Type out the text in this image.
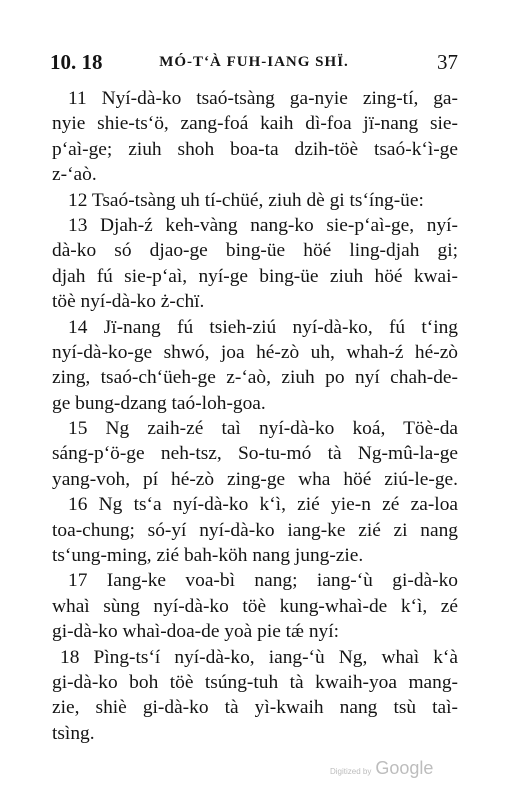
10. 18	MÓ-T‘À FUH-IANG SHÏ.	37
11 Nyí-dà-ko tsaó-tsàng ga-nyie zing-tí, ga-
nyie shie-ts‘ö, zang-foá kaih dì-foa jï-nang sie-
p‘aì-ge; ziuh shoh boa-ta dzih-töè tsaó-k‘ì-ge
z-‘aò.
12 Tsaó-tsàng uh tí-chüé, ziuh dè gi ts‘íng-üe:
13 Djah-ź keh-vàng nang-ko sie-p‘aì-ge, nyí-
dà-ko só djao-ge bing-üe höé ling-djah gi;
djah fú sie-p‘aì, nyí-ge bing-üe ziuh höé kwai-
töè nyí-dà-ko ż-chï.
14 Jï-nang fú tsieh-ziú nyí-dà-ko, fú t‘ing
nyí-dà-ko-ge shwó, joa hé-zò uh, whah-ź hé-zò
zing, tsaó-ch‘üeh-ge z-‘aò, ziuh po nyí chah-de-
ge bung-dzang taó-loh-goa.
15 Ng zaih-zé taì nyí-dà-ko koá, Töè-da
sáng-p‘ö-ge neh-tsz, So-tu-mó tà Ng-mû-la-ge
yang-voh, pí hé-zò zing-ge wha höé ziú-le-ge.
16 Ng ts‘a nyí-dà-ko k‘ì, zié yie-n zé za-loa
toa-chung; só-yí nyí-dà-ko iang-ke zié zi nang
ts‘ung-ming, zié bah-köh nang jung-zie.
17 Iang-ke voa-bì nang; iang-‘ù gi-dà-ko
whaì sùng nyí-dà-ko töè kung-whaì-de k‘ì, zé
gi-dà-ko whaì-doa-de yoà pie tǽ nyí:
18 Pìng-ts‘í nyí-dà-ko, iang-‘ù Ng, whaì k‘à
gi-dà-ko boh töè tsúng-tuh tà kwaih-yoa mang-
zie, shiè gi-dà-ko tà yì-kwaih nang tsù taì-
tsìng.
Digitized by Google
